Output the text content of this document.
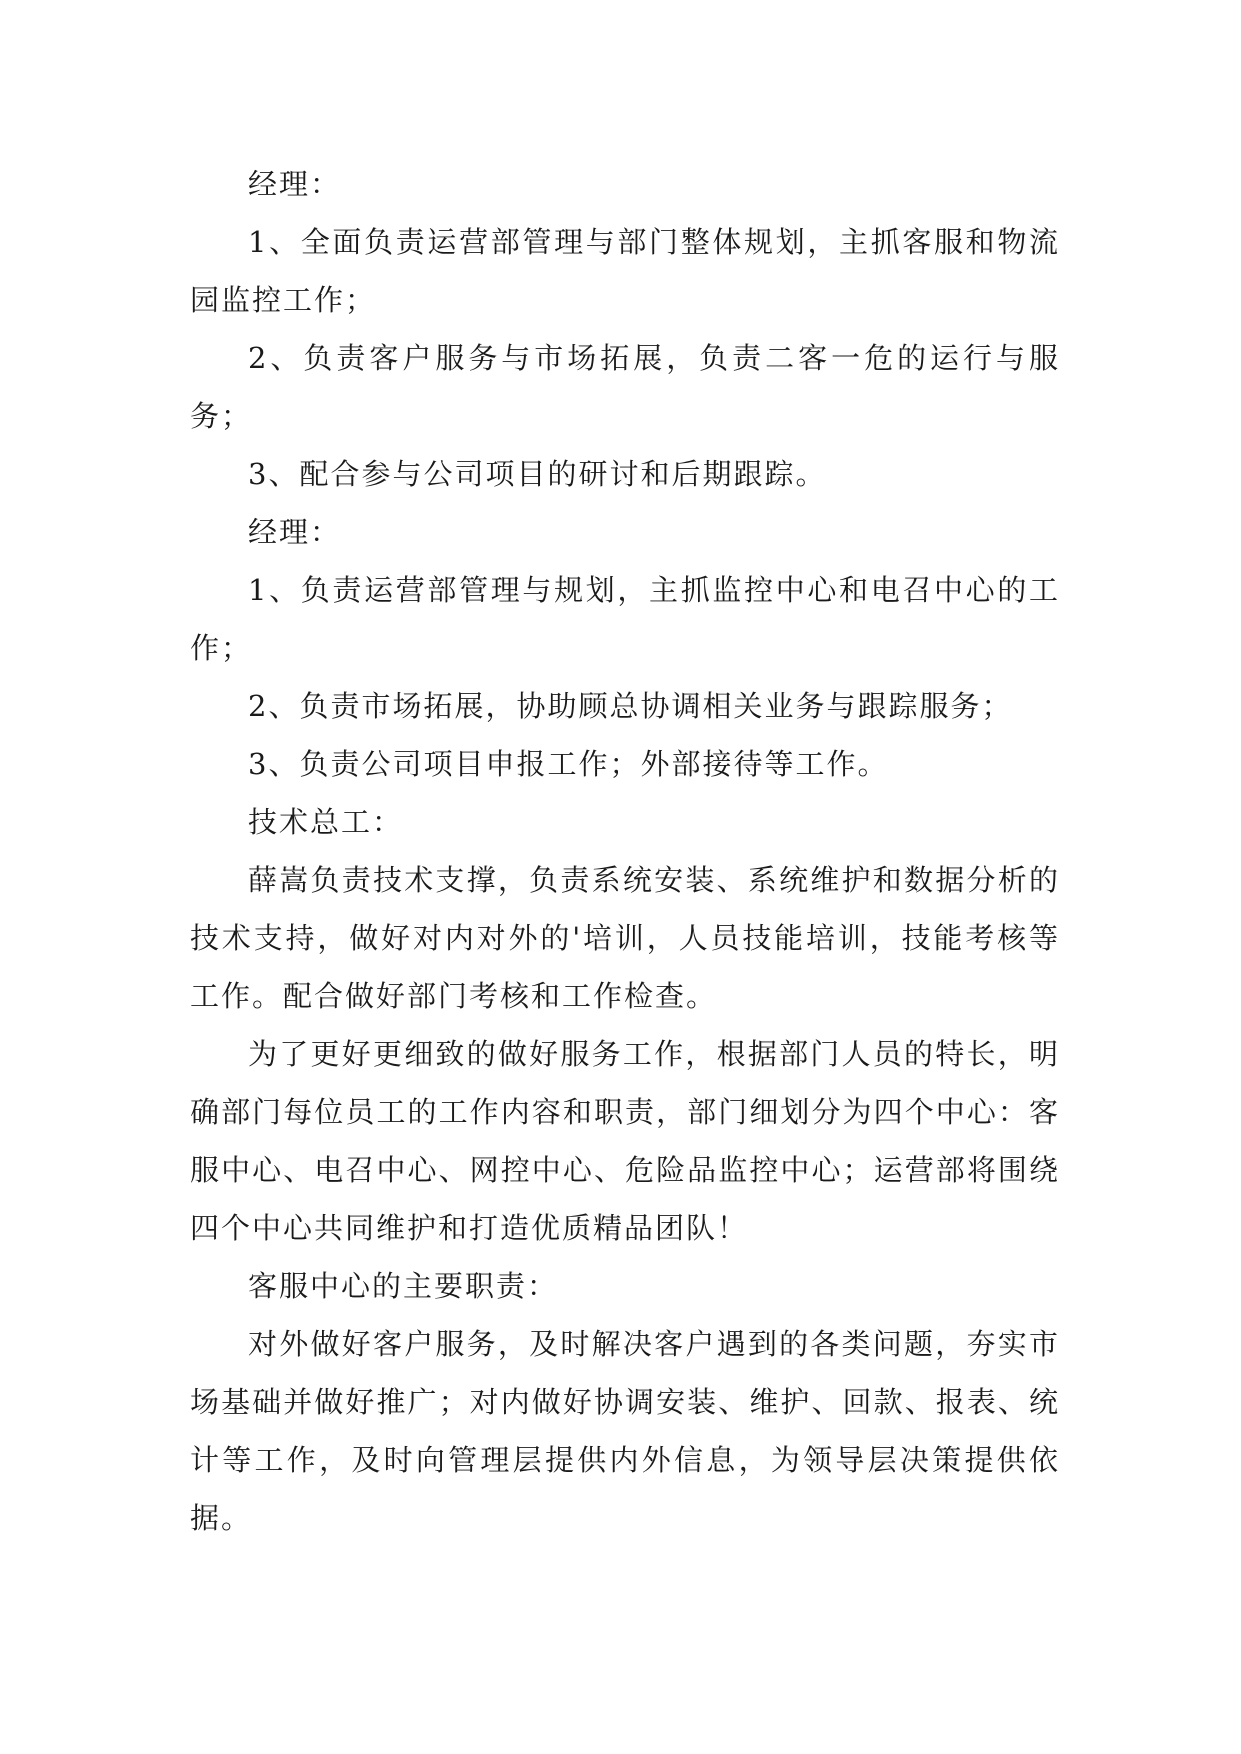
经理：

1、全面负责运营部管理与部门整体规划，主抓客服和物流园监控工作；

2、负责客户服务与市场拓展，负责二客一危的运行与服务；

3、配合参与公司项目的研讨和后期跟踪。

经理：

1、负责运营部管理与规划，主抓监控中心和电召中心的工作；

2、负责市场拓展，协助顾总协调相关业务与跟踪服务；

3、负责公司项目申报工作；外部接待等工作。

技术总工：

薛嵩负责技术支撑，负责系统安装、系统维护和数据分析的技术支持，做好对内对外的'培训，人员技能培训，技能考核等工作。配合做好部门考核和工作检查。

为了更好更细致的做好服务工作，根据部门人员的特长，明确部门每位员工的工作内容和职责，部门细划分为四个中心：客服中心、电召中心、网控中心、危险品监控中心；运营部将围绕四个中心共同维护和打造优质精品团队！

客服中心的主要职责：

对外做好客户服务，及时解决客户遇到的各类问题，夯实市场基础并做好推广；对内做好协调安装、维护、回款、报表、统计等工作，及时向管理层提供内外信息，为领导层决策提供依据。
